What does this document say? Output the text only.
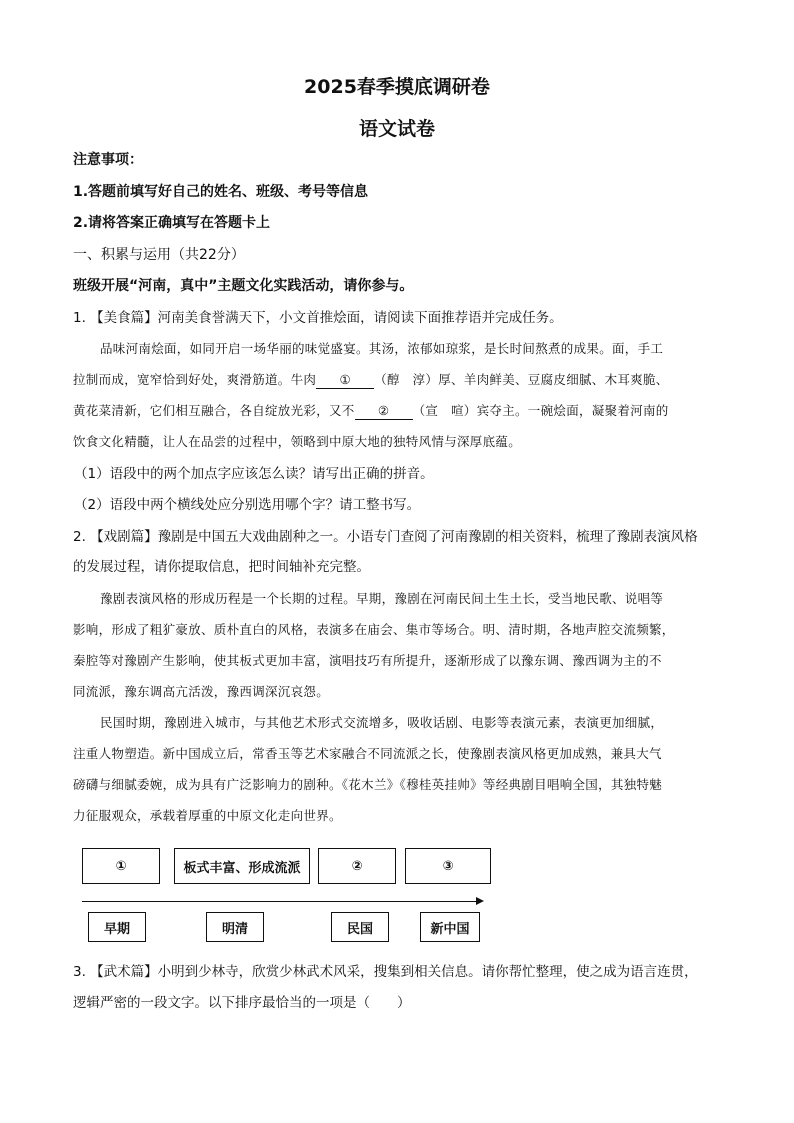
2025春季摸底调研卷
语文试卷
注意事项：
1.答题前填写好自己的姓名、班级、考号等信息
2.请将答案正确填写在答题卡上
一、积累与运用（共22分）
班级开展“河南，真中”主题文化实践活动，请你参与。
1. 【美食篇】河南美食誉满天下，小文首推烩面，请阅读下面推荐语并完成任务。
品味河南烩面，如同开启一场华丽的味觉盛宴。其汤，浓郁如琼浆，是长时间熬煮的成果。面，手工
拉制而成，宽窄恰到好处，爽滑筋道。牛肉 ① （醇　淳）厚、羊肉鲜美、豆腐皮细腻、木耳爽脆、
黄花菜清新，它们相互融合，各自绽放光彩，又不 ② （宣　喧）宾夺主。一碗烩面，凝聚着河南的
饮食文化精髓，让人在品尝的过程中，领略到中原大地的独特风情与深厚底蕴。
（1）语段中的两个加点字应该怎么读？请写出正确的拼音。
（2）语段中两个横线处应分别选用哪个字？请工整书写。
2. 【戏剧篇】豫剧是中国五大戏曲剧种之一。小语专门查阅了河南豫剧的相关资料，梳理了豫剧表演风格
的发展过程，请你提取信息，把时间轴补充完整。
豫剧表演风格的形成历程是一个长期的过程。早期，豫剧在河南民间土生土长，受当地民歌、说唱等
影响，形成了粗犷豪放、质朴直白的风格，表演多在庙会、集市等场合。明、清时期，各地声腔交流频繁，
秦腔等对豫剧产生影响，使其板式更加丰富，演唱技巧有所提升，逐渐形成了以豫东调、豫西调为主的不
同流派，豫东调高亢活泼，豫西调深沉哀怨。
民国时期，豫剧进入城市，与其他艺术形式交流增多，吸收话剧、电影等表演元素，表演更加细腻，
注重人物塑造。新中国成立后，常香玉等艺术家融合不同流派之长，使豫剧表演风格更加成熟，兼具大气
磅礴与细腻委婉，成为具有广泛影响力的剧种。《花木兰》《穆桂英挂帅》等经典剧目唱响全国，其独特魅
力征服观众，承载着厚重的中原文化走向世界。
①	板式丰富、形成流派	②	③
早期	明清	民国	新中国
3. 【武术篇】小明到少林寺，欣赏少林武术风采，搜集到相关信息。请你帮忙整理，使之成为语言连贯，
逻辑严密的一段文字。以下排序最恰当的一项是（　　）
